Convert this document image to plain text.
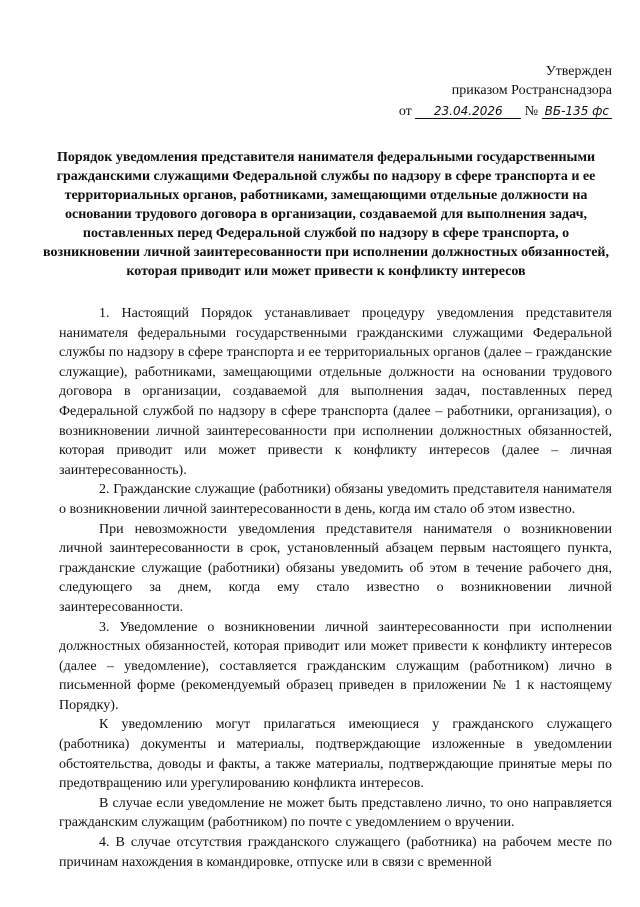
Утвержден
приказом Ространснадзора
от 23.04.2026 № ВБ-135 фс
Порядок уведомления представителя нанимателя федеральными государственными гражданскими служащими Федеральной службы по надзору в сфере транспорта и ее территориальных органов, работниками, замещающими отдельные должности на основании трудового договора в организации, создаваемой для выполнения задач, поставленных перед Федеральной службой по надзору в сфере транспорта, о возникновении личной заинтересованности при исполнении должностных обязанностей, которая приводит или может привести к конфликту интересов

1. Настоящий Порядок устанавливает процедуру уведомления представителя нанимателя федеральными государственными гражданскими служащими Федеральной службы по надзору в сфере транспорта и ее территориальных органов (далее – гражданские служащие), работниками, замещающими отдельные должности на основании трудового договора в организации, создаваемой для выполнения задач, поставленных перед Федеральной службой по надзору в сфере транспорта (далее – работники, организация), о возникновении личной заинтересованности при исполнении должностных обязанностей, которая приводит или может привести к конфликту интересов (далее – личная заинтересованность).

2. Гражданские служащие (работники) обязаны уведомить представителя нанимателя о возникновении личной заинтересованности в день, когда им стало об этом известно.

При невозможности уведомления представителя нанимателя о возникновении личной заинтересованности в срок, установленный абзацем первым настоящего пункта, гражданские служащие (работники) обязаны уведомить об этом в течение рабочего дня, следующего за днем, когда ему стало известно о возникновении личной заинтересованности.

3. Уведомление о возникновении личной заинтересованности при исполнении должностных обязанностей, которая приводит или может привести к конфликту интересов (далее – уведомление), составляется гражданским служащим (работником) лично в письменной форме (рекомендуемый образец приведен в приложении № 1 к настоящему Порядку).

К уведомлению могут прилагаться имеющиеся у гражданского служащего (работника) документы и материалы, подтверждающие изложенные в уведомлении обстоятельства, доводы и факты, а также материалы, подтверждающие принятые меры по предотвращению или урегулированию конфликта интересов.

В случае если уведомление не может быть представлено лично, то оно направляется гражданским служащим (работником) по почте с уведомлением о вручении.

4. В случае отсутствия гражданского служащего (работника) на рабочем месте по причинам нахождения в командировке, отпуске или в связи с временной
